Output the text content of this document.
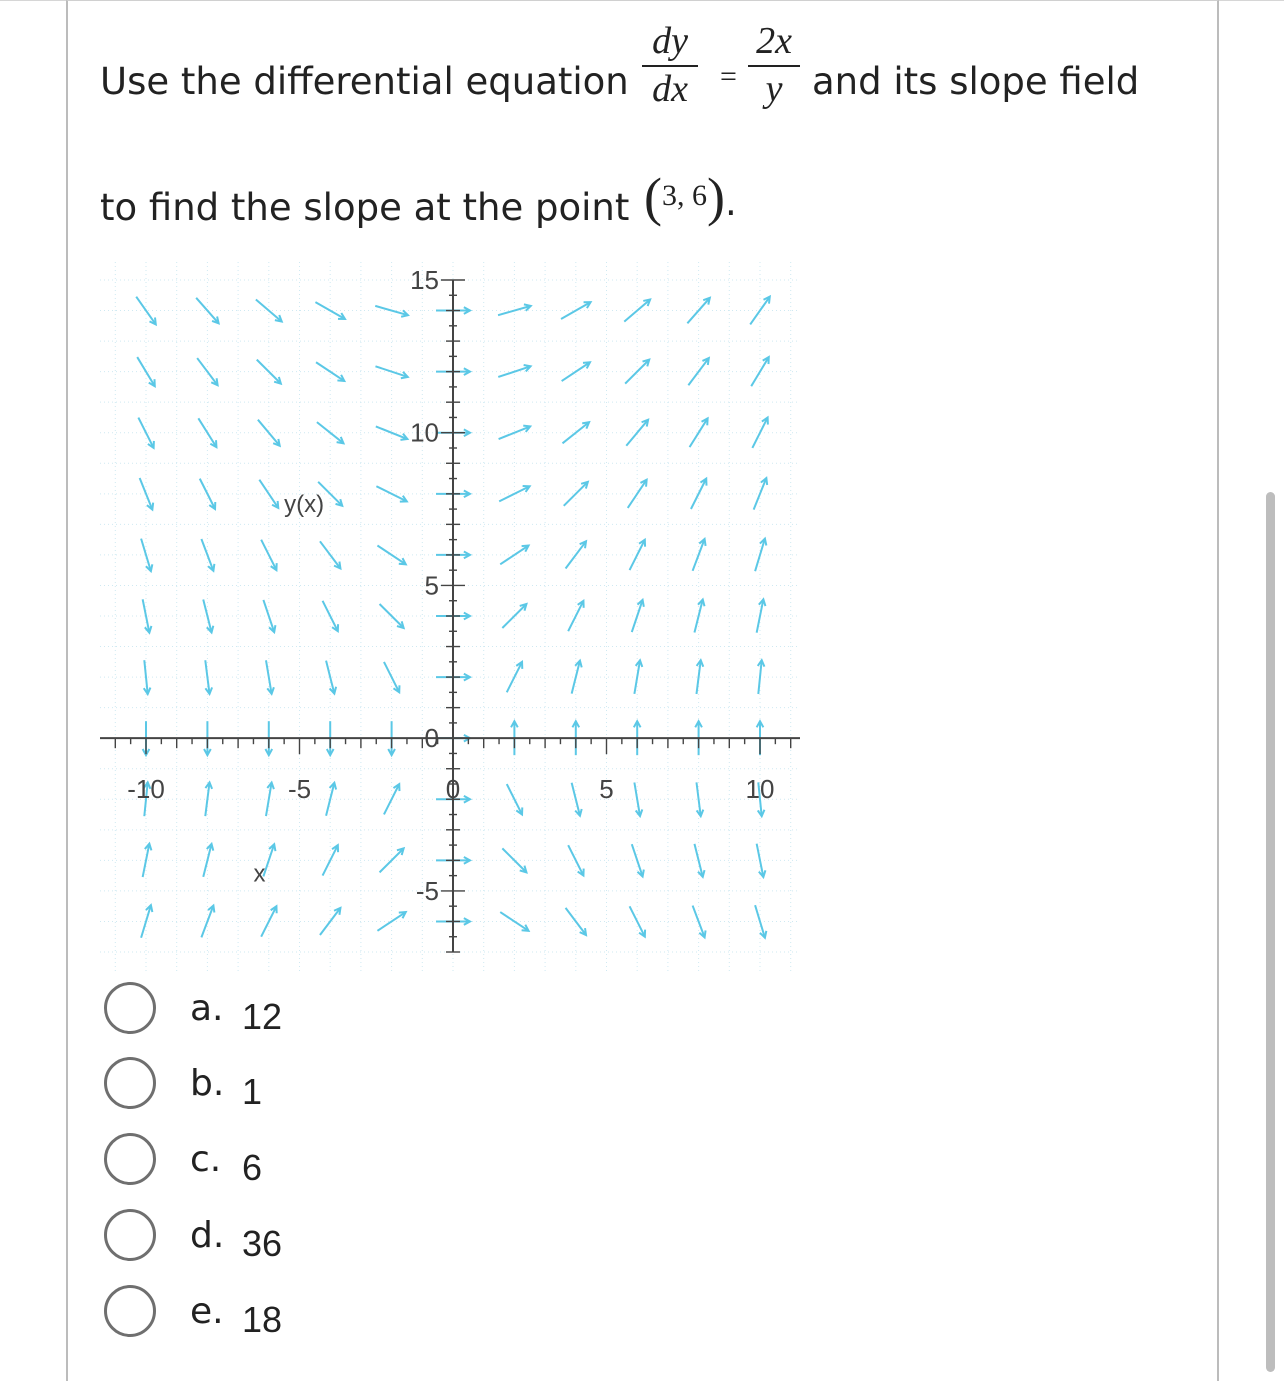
Use the differential equation
dy
dx	=
2x
y and its slope field
to find the slope at the point (3, 6).
-10	-5	0	5	10
15
10
5
0
-5
y(x)
x
a. 12
b. 1
c. 6
d. 36
e. 18
